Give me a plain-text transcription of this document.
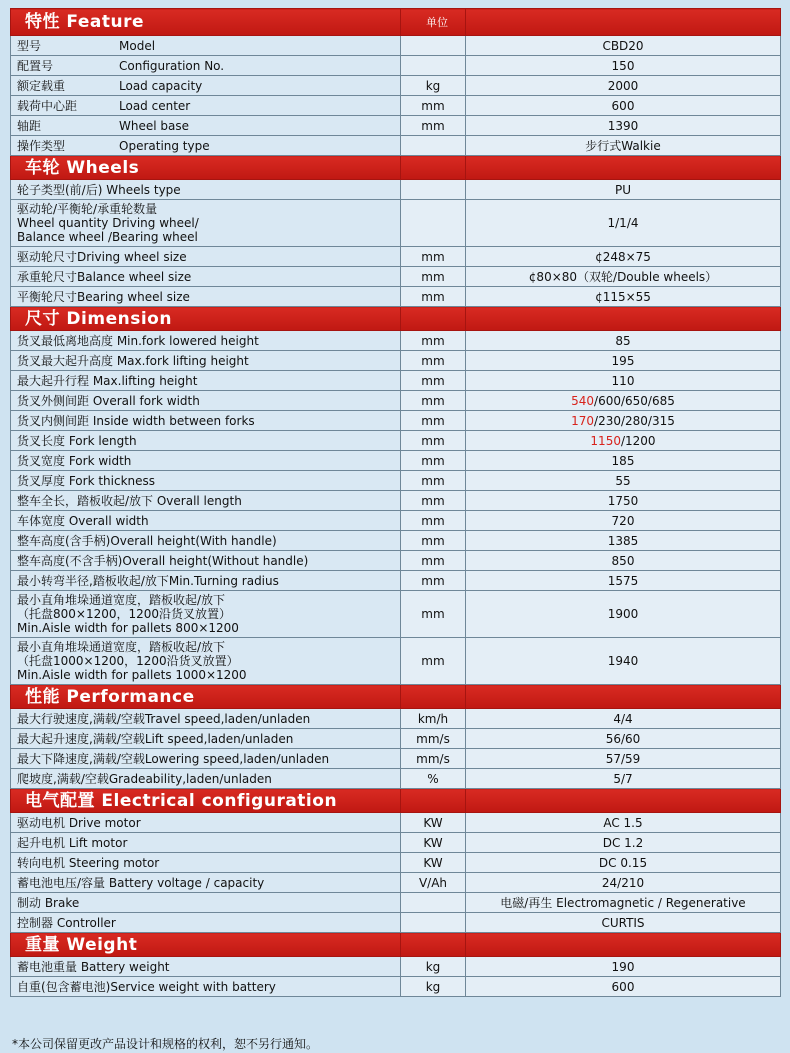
特性 Feature	单位	
型号 Model		CBD20
配置号 Configuration No.		150
额定载重 Load capacity	kg	2000
载荷中心距 Load center	mm	600
轴距 Wheel base	mm	1390
操作类型 Operating type		步行式Walkie
车轮 Wheels		
轮子类型(前/后) Wheels type		PU
驱动轮/平衡轮/承重轮数量
Wheel quantity Driving wheel/
Balance wheel /Bearing wheel		1/1/4
驱动轮尺寸Driving wheel size	mm	¢248×75
承重轮尺寸Balance wheel size	mm	¢80×80（双轮/Double wheels）
平衡轮尺寸Bearing wheel size	mm	¢115×55
尺寸 Dimension		
货叉最低离地高度 Min.fork lowered height	mm	85
货叉最大起升高度 Max.fork lifting height	mm	195
最大起升行程 Max.lifting height	mm	110
货叉外侧间距 Overall fork width	mm	540/600/650/685
货叉内侧间距 Inside width between forks	mm	170/230/280/315
货叉长度 Fork length	mm	1150/1200
货叉宽度 Fork width	mm	185
货叉厚度 Fork thickness	mm	55
整车全长，踏板收起/放下 Overall length	mm	1750
车体宽度 Overall width	mm	720
整车高度(含手柄)Overall height(With handle)	mm	1385
整车高度(不含手柄)Overall height(Without handle)	mm	850
最小转弯半径,踏板收起/放下Min.Turning radius	mm	1575
最小直角堆垛通道宽度，踏板收起/放下
（托盘800×1200，1200沿货叉放置）
Min.Aisle width for pallets 800×1200	mm	1900
最小直角堆垛通道宽度，踏板收起/放下
（托盘1000×1200，1200沿货叉放置）
Min.Aisle width for pallets 1000×1200	mm	1940
性能 Performance		
最大行驶速度,满载/空载Travel speed,laden/unladen	km/h	4/4
最大起升速度,满载/空载Lift speed,laden/unladen	mm/s	56/60
最大下降速度,满载/空载Lowering speed,laden/unladen	mm/s	57/59
爬坡度,满载/空载Gradeability,laden/unladen	%	5/7
电气配置 Electrical configuration		
驱动电机 Drive motor	KW	AC 1.5
起升电机 Lift motor	KW	DC 1.2
转向电机 Steering motor	KW	DC 0.15
蓄电池电压/容量 Battery voltage / capacity	V/Ah	24/210
制动 Brake		电磁/再生 Electromagnetic / Regenerative
控制器 Controller		CURTIS
重量 Weight		
蓄电池重量 Battery weight	kg	190
自重(包含蓄电池)Service weight with battery	kg	600
*本公司保留更改产品设计和规格的权利，恕不另行通知。
